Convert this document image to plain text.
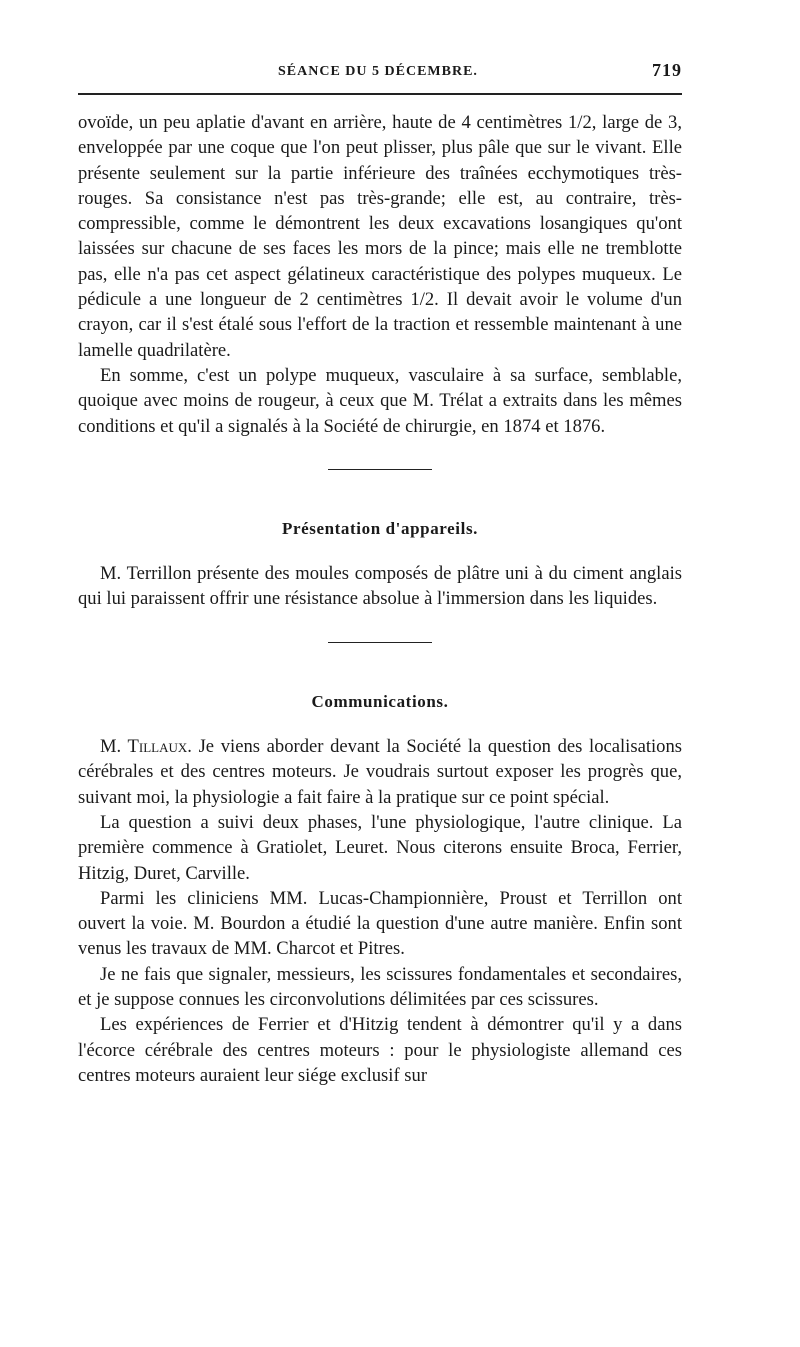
SÉANCE DU 5 DÉCEMBRE.	719

ovoïde, un peu aplatie d'avant en arrière, haute de 4 centimètres 1/2, large de 3, enveloppée par une coque que l'on peut plisser, plus pâle que sur le vivant. Elle présente seulement sur la partie inférieure des traînées ecchymotiques très-rouges. Sa consistance n'est pas très-grande; elle est, au contraire, très-compressible, comme le démontrent les deux excavations losangiques qu'ont laissées sur chacune de ses faces les mors de la pince; mais elle ne tremblotte pas, elle n'a pas cet aspect gélatineux caractéristique des polypes muqueux. Le pédicule a une longueur de 2 centimètres 1/2. Il devait avoir le volume d'un crayon, car il s'est étalé sous l'effort de la traction et ressemble maintenant à une lamelle quadrilatère.

En somme, c'est un polype muqueux, vasculaire à sa surface, semblable, quoique avec moins de rougeur, à ceux que M. Trélat a extraits dans les mêmes conditions et qu'il a signalés à la Société de chirurgie, en 1874 et 1876.

Présentation d'appareils.

M. Terrillon présente des moules composés de plâtre uni à du ciment anglais qui lui paraissent offrir une résistance absolue à l'immersion dans les liquides.

Communications.

M. Tillaux. Je viens aborder devant la Société la question des localisations cérébrales et des centres moteurs. Je voudrais surtout exposer les progrès que, suivant moi, la physiologie a fait faire à la pratique sur ce point spécial.

La question a suivi deux phases, l'une physiologique, l'autre clinique. La première commence à Gratiolet, Leuret. Nous citerons ensuite Broca, Ferrier, Hitzig, Duret, Carville.

Parmi les cliniciens MM. Lucas-Championnière, Proust et Terrillon ont ouvert la voie. M. Bourdon a étudié la question d'une autre manière. Enfin sont venus les travaux de MM. Charcot et Pitres.

Je ne fais que signaler, messieurs, les scissures fondamentales et secondaires, et je suppose connues les circonvolutions délimitées par ces scissures.

Les expériences de Ferrier et d'Hitzig tendent à démontrer qu'il y a dans l'écorce cérébrale des centres moteurs : pour le physiologiste allemand ces centres moteurs auraient leur siége exclusif sur
